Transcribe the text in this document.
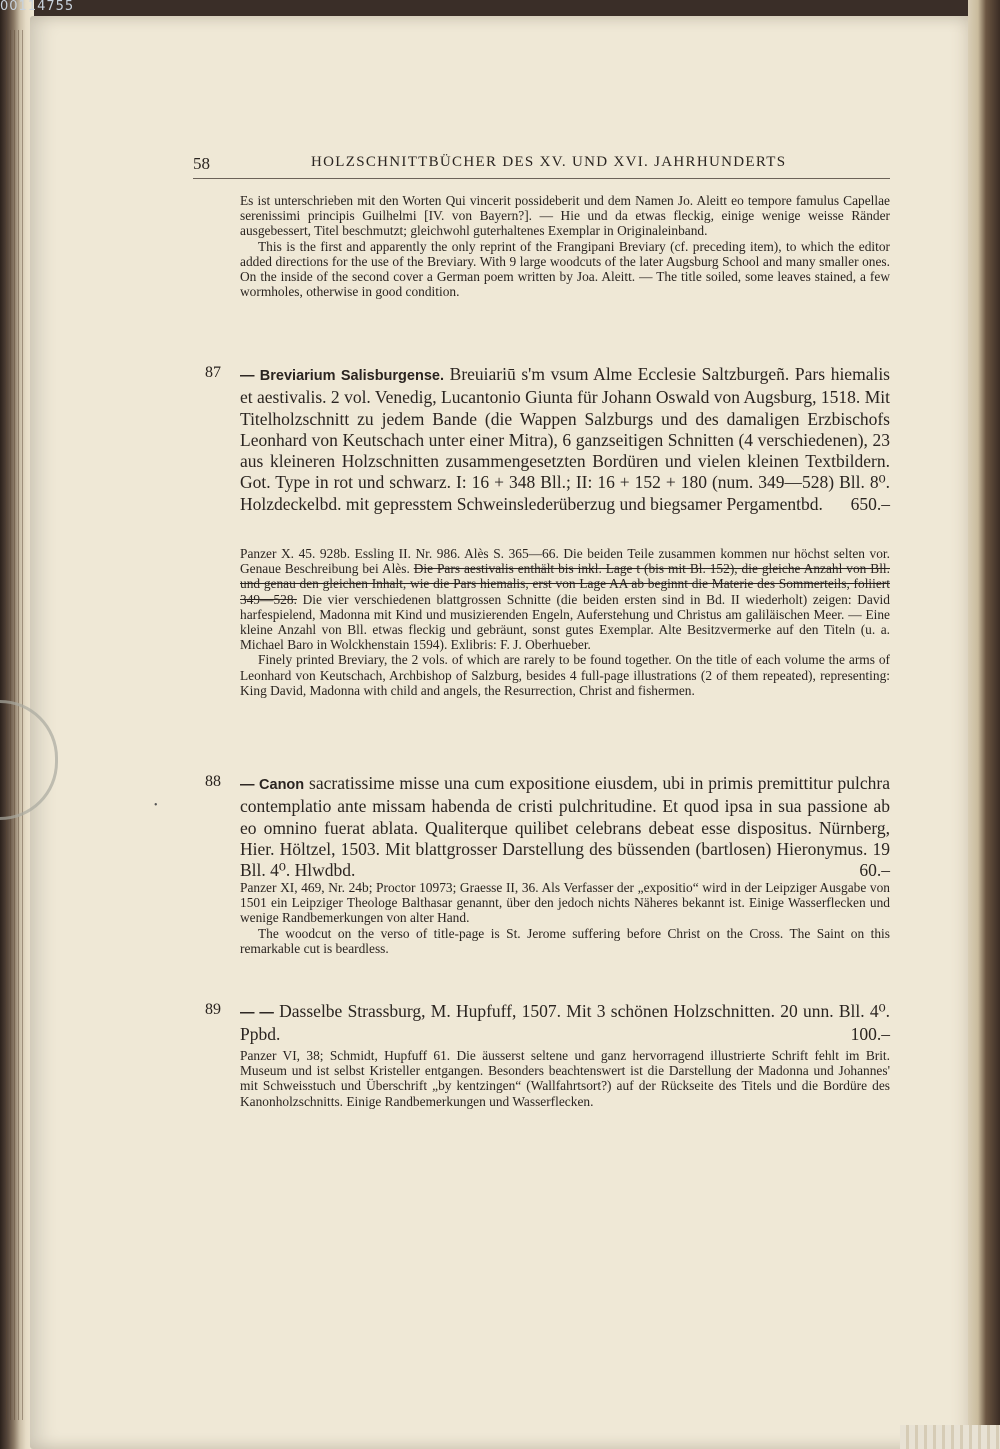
00114755
58	HOLZSCHNITTBÜCHER DES XV. UND XVI. JAHRHUNDERTS

Es ist unterschrieben mit den Worten Qui vincerit possideberit und dem Namen Jo. Aleitt eo tempore famulus Capellae serenissimi principis Guilhelmi [IV. von Bayern?]. — Hie und da etwas fleckig, einige wenige weisse Ränder ausgebessert, Titel beschmutzt; gleichwohl guterhaltenes Exemplar in Originaleinband.

This is the first and apparently the only reprint of the Frangipani Breviary (cf. preceding item), to which the editor added directions for the use of the Breviary. With 9 large woodcuts of the later Augsburg School and many smaller ones. On the inside of the second cover a German poem written by Joa. Aleitt. — The title soiled, some leaves stained, a few wormholes, otherwise in good condition.

87 — Breviarium Salisburgense. Breuiariū s'm vsum Alme Ecclesie Saltzburgeñ. Pars hiemalis et aestivalis. 2 vol. Venedig, Lucantonio Giunta für Johann Oswald von Augsburg, 1518. Mit Titelholzschnitt zu jedem Bande (die Wappen Salzburgs und des damaligen Erzbischofs Leonhard von Keutschach unter einer Mitra), 6 ganzseitigen Schnitten (4 verschiedenen), 23 aus kleineren Holzschnitten zusammengesetzten Bordüren und vielen kleinen Textbildern. Got. Type in rot und schwarz. I: 16 + 348 Bll.; II: 16 + 152 + 180 (num. 349—528) Bll. 8⁰. Holzdeckelbd. mit gepresstem Schweinslederüberzug und biegsamer Pergamentbd. 650.–

Panzer X. 45. 928b. Essling II. Nr. 986. Alès S. 365—66. Die beiden Teile zusammen kommen nur höchst selten vor. Genaue Beschreibung bei Alès. Die Pars aestivalis enthält bis inkl. Lage t (bis mit Bl. 152), die gleiche Anzahl von Bll. und genau den gleichen Inhalt, wie die Pars hiemalis, erst von Lage AA ab beginnt die Materie des Sommerteils, foliiert 349—528. Die vier verschiedenen blattgrossen Schnitte (die beiden ersten sind in Bd. II wiederholt) zeigen: David harfespielend, Madonna mit Kind und musizierenden Engeln, Auferstehung und Christus am galiläischen Meer. — Eine kleine Anzahl von Bll. etwas fleckig und gebräunt, sonst gutes Exemplar. Alte Besitzvermerke auf den Titeln (u. a. Michael Baro in Wolckhenstain 1594). Exlibris: F. J. Oberhueber.

Finely printed Breviary, the 2 vols. of which are rarely to be found together. On the title of each volume the arms of Leonhard von Keutschach, Archbishop of Salzburg, besides 4 full-page illustrations (2 of them repeated), representing: King David, Madonna with child and angels, the Resurrection, Christ and fishermen.

88 — Canon sacratissime misse una cum expositione eiusdem, ubi in primis premittitur pulchra contemplatio ante missam habenda de cristi pulchritudine. Et quod ipsa in sua passione ab eo omnino fuerat ablata. Qualiterque quilibet celebrans debeat esse dispositus. Nürnberg, Hier. Höltzel, 1503. Mit blattgrosser Darstellung des büssenden (bartlosen) Hieronymus. 19 Bll. 4⁰. Hlwdbd.	60.–

Panzer XI, 469, Nr. 24b; Proctor 10973; Graesse II, 36. Als Verfasser der „expositio“ wird in der Leipziger Ausgabe von 1501 ein Leipziger Theologe Balthasar genannt, über den jedoch nichts Näheres bekannt ist. Einige Wasserflecken und wenige Randbemerkungen von alter Hand.

The woodcut on the verso of title-page is St. Jerome suffering before Christ on the Cross. The Saint on this remarkable cut is beardless.

89 — — Dasselbe Strassburg, M. Hupfuff, 1507. Mit 3 schönen Holzschnitten. 20 unn. Bll. 4⁰. Ppbd.	100.–

Panzer VI, 38; Schmidt, Hupfuff 61. Die äusserst seltene und ganz hervorragend illustrierte Schrift fehlt im Brit. Museum und ist selbst Kristeller entgangen. Besonders beachtenswert ist die Darstellung der Madonna und Johannes' mit Schweisstuch und Überschrift „by kentzingen“ (Wallfahrtsort?) auf der Rückseite des Titels und die Bordüre des Kanonholzschnitts. Einige Randbemerkungen und Wasserflecken.

•
